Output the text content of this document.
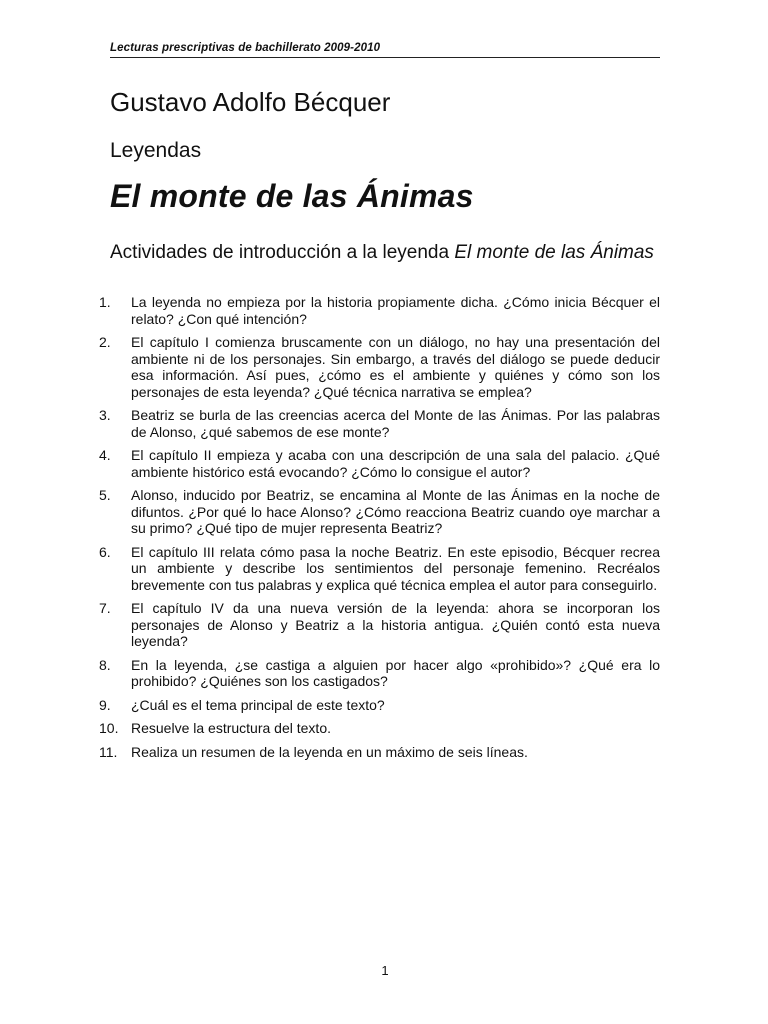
Lecturas prescriptivas de bachillerato 2009-2010
Gustavo Adolfo Bécquer
Leyendas
El monte de las Ánimas
Actividades de introducción a la leyenda El monte de las Ánimas
1.	La leyenda no empieza por la historia propiamente dicha. ¿Cómo inicia Bécquer el relato? ¿Con qué intención?
2.	El capítulo I comienza bruscamente con un diálogo, no hay una presentación del ambiente ni de los personajes. Sin embargo, a través del diálogo se puede deducir esa información. Así pues, ¿cómo es el ambiente y quiénes y cómo son los personajes de esta leyenda? ¿Qué técnica narrativa se emplea?
3.	Beatriz se burla de las creencias acerca del Monte de las Ánimas. Por las palabras de Alonso, ¿qué sabemos de ese monte?
4.	El capítulo II empieza y acaba con una descripción de una sala del palacio. ¿Qué ambiente histórico está evocando? ¿Cómo lo consigue el autor?
5.	Alonso, inducido por Beatriz, se encamina al Monte de las Ánimas en la noche de difuntos. ¿Por qué lo hace Alonso? ¿Cómo reacciona Beatriz cuando oye marchar a su primo? ¿Qué tipo de mujer representa Beatriz?
6.	El capítulo III relata cómo pasa la noche Beatriz. En este episodio, Bécquer recrea un ambiente y describe los sentimientos del personaje femenino. Recréalos brevemente con tus palabras y explica qué técnica emplea el autor para conseguirlo.
7.	El capítulo IV da una nueva versión de la leyenda: ahora se incorporan los personajes de Alonso y Beatriz a la historia antigua. ¿Quién contó esta nueva leyenda?
8.	En la leyenda, ¿se castiga a alguien por hacer algo «prohibido»? ¿Qué era lo prohibido? ¿Quiénes son los castigados?
9.	¿Cuál es el tema principal de este texto?
10. Resuelve la estructura del texto.
11. Realiza un resumen de la leyenda en un máximo de seis líneas.
1
